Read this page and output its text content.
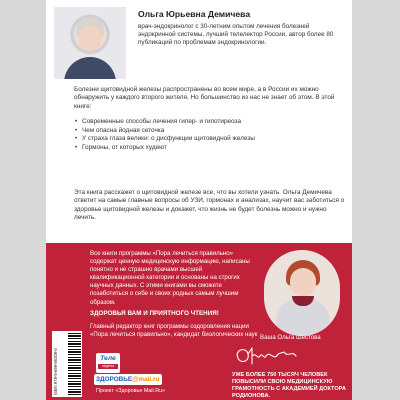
Ольга Юрьевна Демичева
врач-эндокринолог с 30-летним опытом лечения болезней эндокринной системы, лучший телелектор России, автор более 80 публикаций по проблемам эндокринологии.
Болезни щитовидной железы распространены во всем мире, а в России их можно обнаружить у каждого второго жителя. Но большинство из нас не знает об этом. В этой книге:
• Современные способы лечения гипер- и гипотиреоза
• Чем опасна йодная сеточка
• У страха глаза велики: о дисфункции щитовидной железы
• Гормоны, от которых худеют
Эта книга расскажет о щитовидной железе все, что вы хотели узнать. Ольга Демичева ответит на самые главные вопросы об УЗИ, гормонах и анализах, научит вас заботиться о здоровье щитовидной железы и докажет, что жизнь не будет болезнь можно и нужно лечить.
Все книги программы «Пора лечиться правильно» содержат ценную медицинскую информацию, написаны понятно и не страшно врачами высшей квалификационной категории и основаны на строгих научных данных. С этими книгами вы сможете позаботиться о себе и своих родных самым лучшим образом.
ЗДОРОВЬЯ ВАМ И ПРИЯТНОГО ЧТЕНИЯ!
Главный редактор книг программы оздоровления нации «Пора лечиться правильно», кандидат биологических наук Ваша Ольга Шестова
ISBN 978-5-699-95209-0	Теле
неделя
ЗДОРОВЬЕ@mail.ru
Проект «Здоровье Mail.Ru»
УЖЕ БОЛЕЕ 750 ТЫСЯЧ ЧЕЛОВЕК ПОВЫСИЛИ СВОЮ МЕДИЦИНСКУЮ ГРАМОТНОСТЬ С АКАДЕМИЕЙ ДОКТОРА РОДИОНОВА.
